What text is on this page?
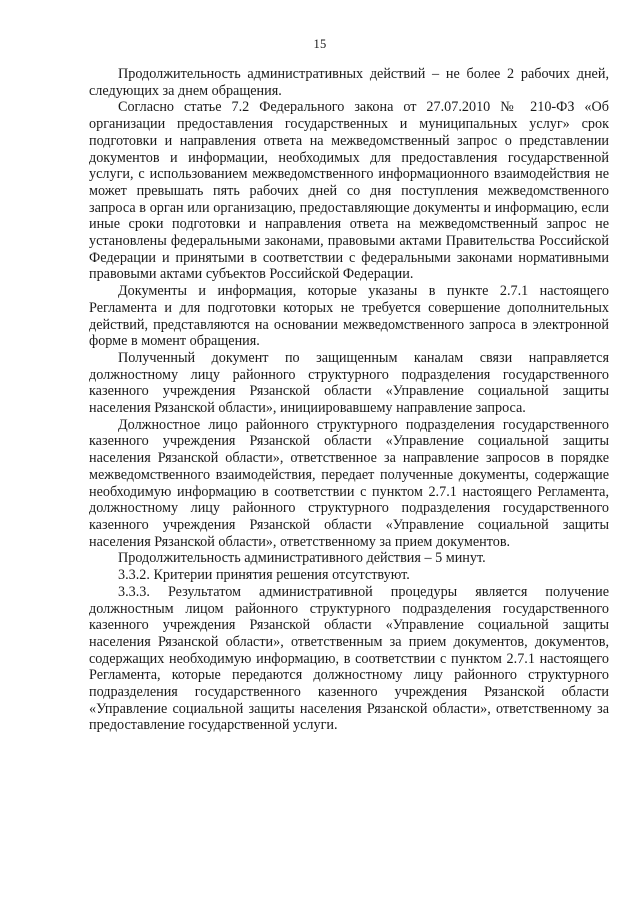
15

Продолжительность административных действий – не более 2 рабочих дней, следующих за днем обращения.

Согласно статье 7.2 Федерального закона от 27.07.2010 № 210-ФЗ «Об организации предоставления государственных и муниципальных услуг» срок подготовки и направления ответа на межведомственный запрос о представлении документов и информации, необходимых для предоставления государственной услуги, с использованием межведомственного информационного взаимодействия не может превышать пять рабочих дней со дня поступления межведомственного запроса в орган или организацию, предоставляющие документы и информацию, если иные сроки подготовки и направления ответа на межведомственный запрос не установлены федеральными законами, правовыми актами Правительства Российской Федерации и принятыми в соответствии с федеральными законами нормативными правовыми актами субъектов Российской Федерации.

Документы и информация, которые указаны в пункте 2.7.1 настоящего Регламента и для подготовки которых не требуется совершение дополнительных действий, представляются на основании межведомственного запроса в электронной форме в момент обращения.

Полученный документ по защищенным каналам связи направляется должностному лицу районного структурного подразделения государственного казенного учреждения Рязанской области «Управление социальной защиты населения Рязанской области», инициировавшему направление запроса.

Должностное лицо районного структурного подразделения государственного казенного учреждения Рязанской области «Управление социальной защиты населения Рязанской области», ответственное за направление запросов в порядке межведомственного взаимодействия, передает полученные документы, содержащие необходимую информацию в соответствии с пунктом 2.7.1 настоящего Регламента, должностному лицу районного структурного подразделения государственного казенного учреждения Рязанской области «Управление социальной защиты населения Рязанской области», ответственному за прием документов.

Продолжительность административного действия – 5 минут.

3.3.2. Критерии принятия решения отсутствуют.

3.3.3. Результатом административной процедуры является получение должностным лицом районного структурного подразделения государственного казенного учреждения Рязанской области «Управление социальной защиты населения Рязанской области», ответственным за прием документов, документов, содержащих необходимую информацию, в соответствии с пунктом 2.7.1 настоящего Регламента, которые передаются должностному лицу районного структурного подразделения государственного казенного учреждения Рязанской области «Управление социальной защиты населения Рязанской области», ответственному за предоставление государственной услуги.
